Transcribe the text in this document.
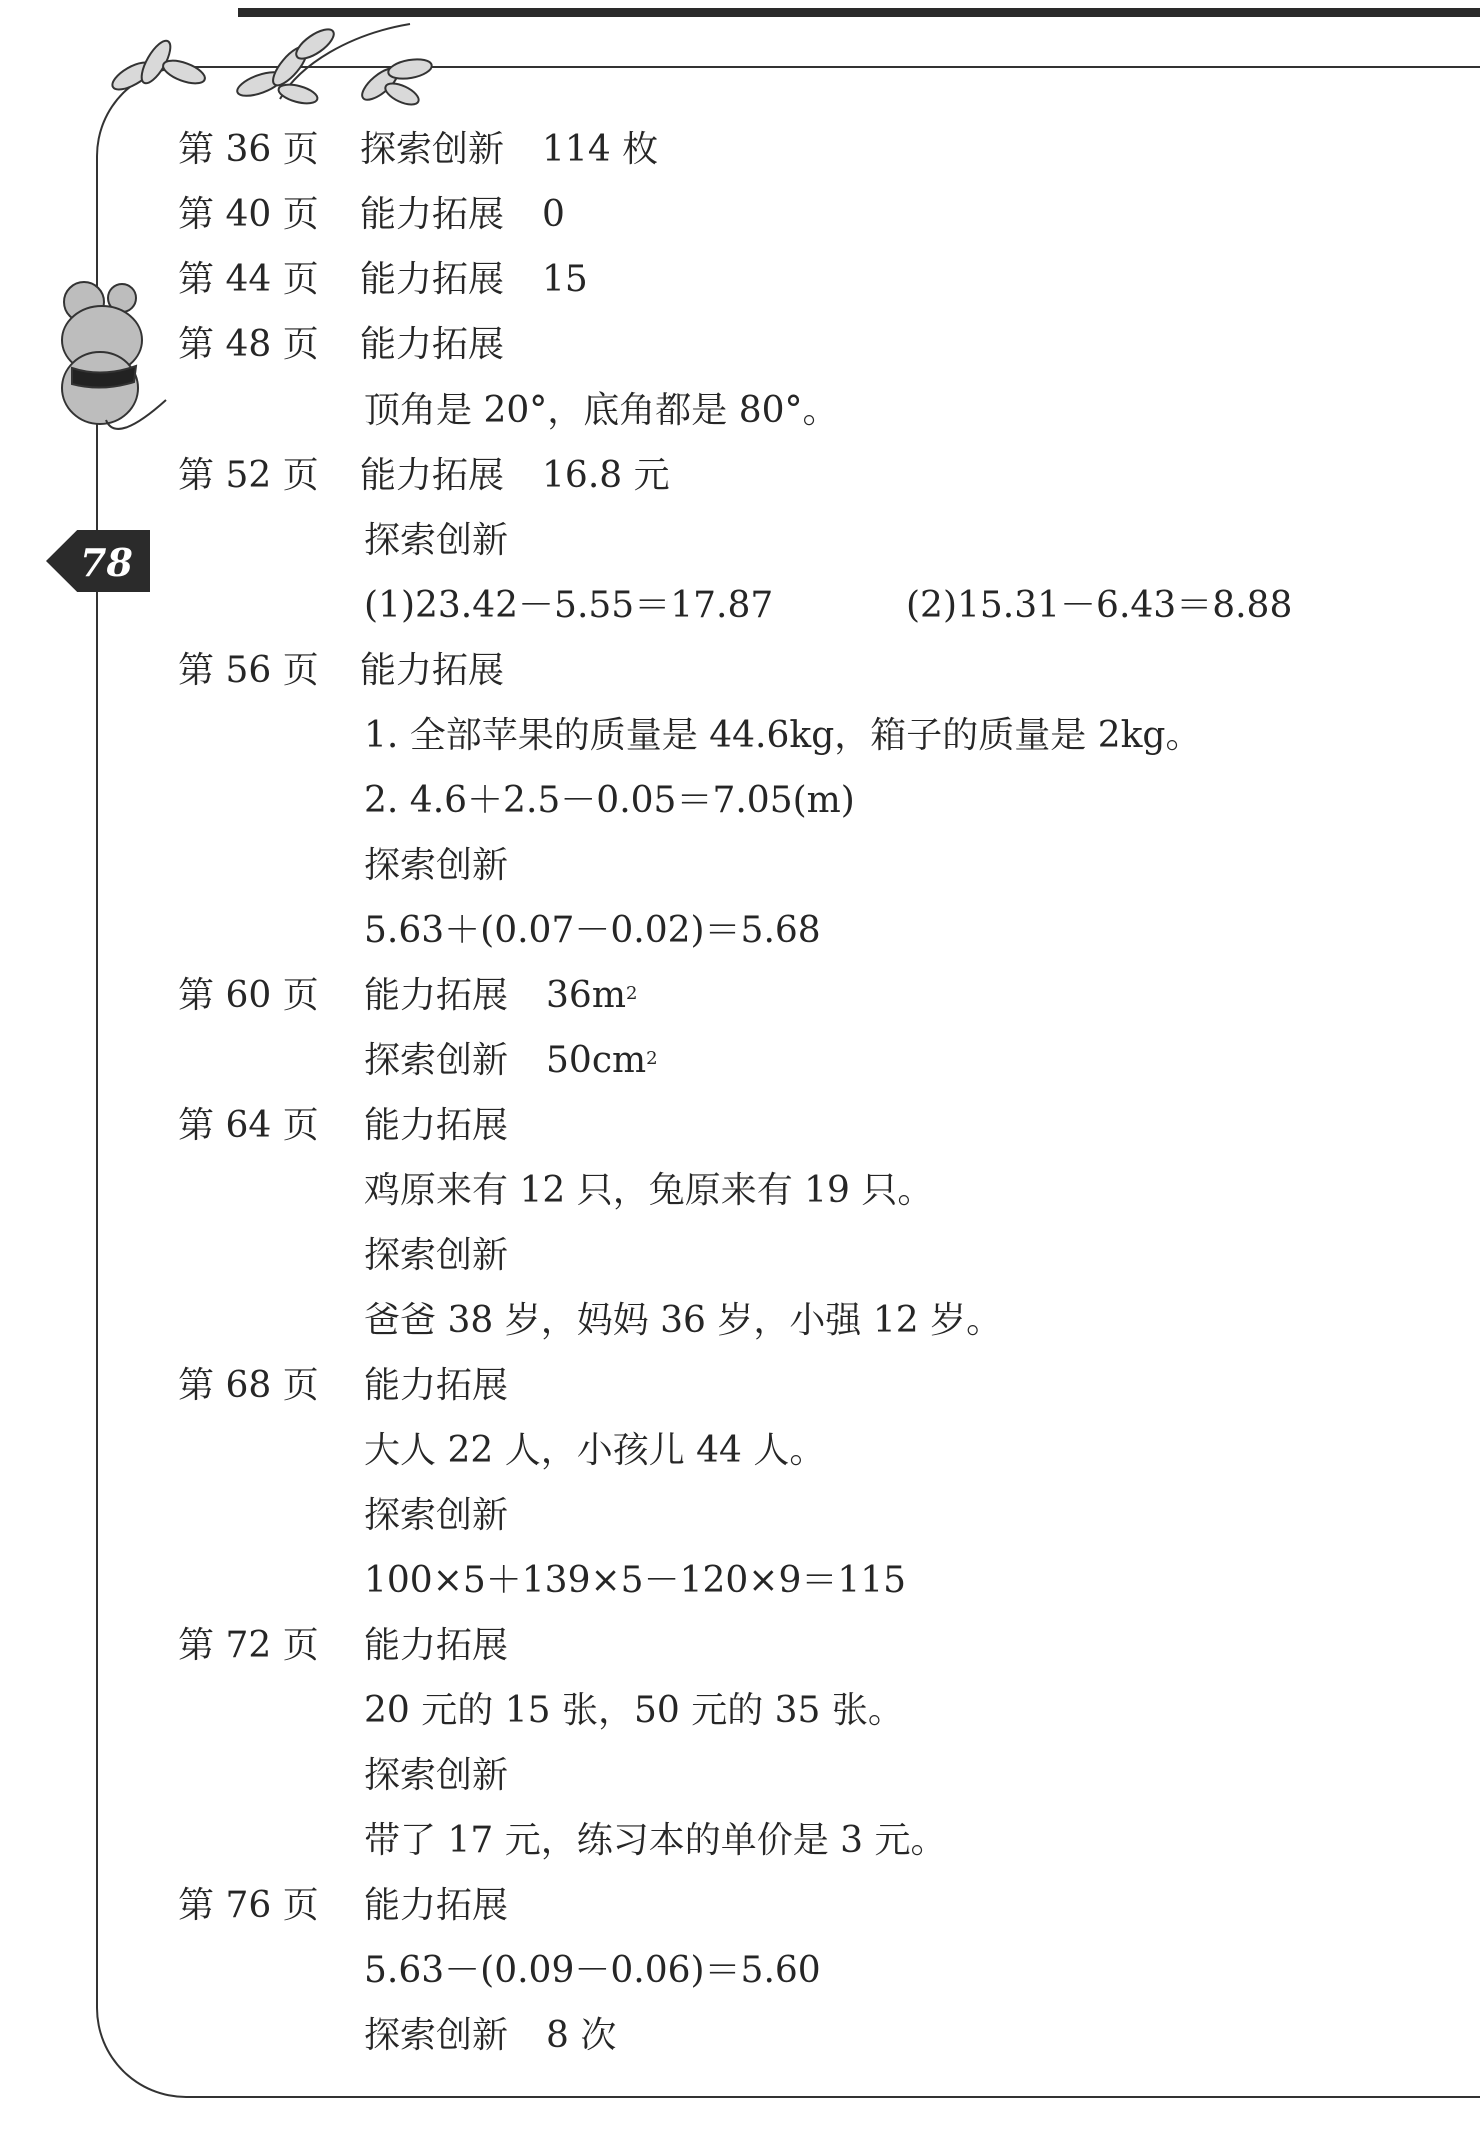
78
第 36 页 探索创新 114 枚
第 40 页 能力拓展 0
第 44 页 能力拓展 15
第 48 页 能力拓展
顶角是 20°，底角都是 80°。
第 52 页 能力拓展 16.8 元
探索创新
(1)23.42－5.55＝17.87	(2)15.31－6.43＝8.88
第 56 页 能力拓展
1. 全部苹果的质量是 44.6kg，箱子的质量是 2kg。
2. 4.6＋2.5－0.05＝7.05(m)
探索创新
5.63＋(0.07－0.02)＝5.68
第 60 页 能力拓展 $36m^2$
探索创新 $50cm^2$
第 64 页 能力拓展
鸡原来有 12 只，兔原来有 19 只。
探索创新
爸爸 38 岁，妈妈 36 岁，小强 12 岁。
第 68 页 能力拓展
大人 22 人，小孩儿 44 人。
探索创新
100×5＋139×5－120×9＝115
第 72 页 能力拓展
20 元的 15 张，50 元的 35 张。
探索创新
带了 17 元，练习本的单价是 3 元。
第 76 页 能力拓展
5.63－(0.09－0.06)＝5.60
探索创新 8 次
